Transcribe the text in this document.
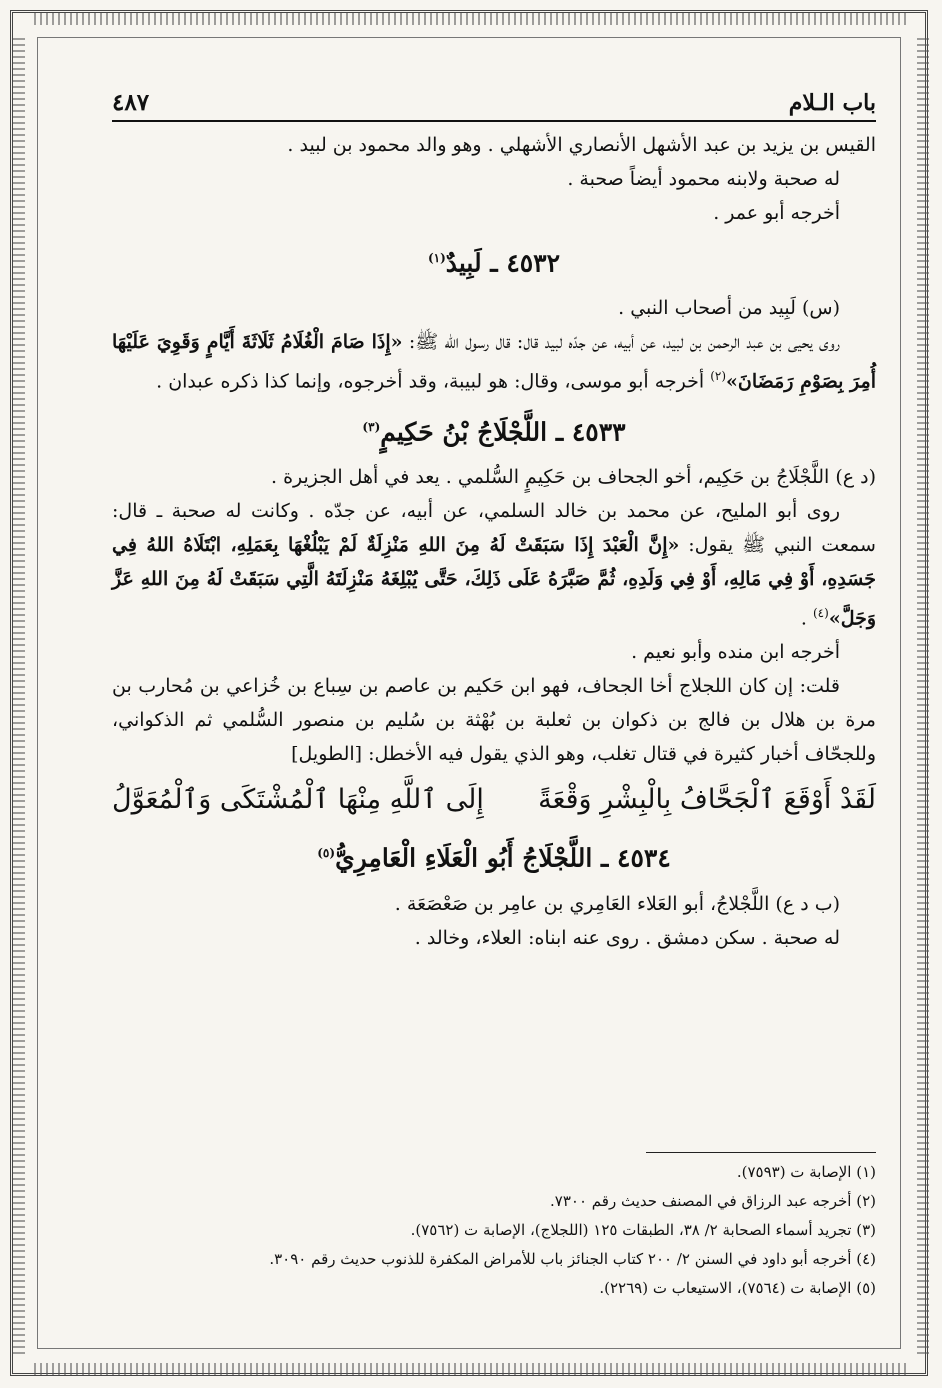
٤٨٧	باب الـلام

القيس بن يزيد بن عبد الأشهل الأنصاري الأشهلي . وهو والد محمود بن لبيد .

له صحبة ولابنه محمود أيضاً صحبة .

أخرجه أبو عمر .

٤٥٣٢ ـ لَبِيدٌ$^{(١)}$

(س) لَبِيد من أصحاب النبي .

روى يحيى بن عبد الرحمن بن لبيد، عن أبيه، عن جدّه لبيد قال: قال رسول الله ﷺ: «إِذَا صَامَ الْغُلَامُ ثَلَاثَةَ أَيَّامٍ وَقَوِيَ عَلَيْهَا أُمِرَ بِصَوْمِ رَمَضَانَ»$^{(٢)}$ أخرجه أبو موسى، وقال: هو لبيبة، وقد أخرجوه، وإنما كذا ذكره عبدان .

٤٥٣٣ ـ اللَّجْلَاجُ بْنُ حَكِيمٍ$^{(٣)}$

(د ع) اللَّجْلَاجُ بن حَكِيم، أخو الجحاف بن حَكِيمٍ السُّلمي . يعد في أهل الجزيرة .

روى أبو المليح، عن محمد بن خالد السلمي، عن أبيه، عن جدّه . وكانت له صحبة ـ قال: سمعت النبي ﷺ يقول: «إِنَّ الْعَبْدَ إِذَا سَبَقَتْ لَهُ مِنَ اللهِ مَنْزِلَةٌ لَمْ يَبْلُغْهَا بِعَمَلِهِ، ابْتَلَاهُ اللهُ فِي جَسَدِهِ، أَوْ فِي مَالِهِ، أَوْ فِي وَلَدِهِ، ثُمَّ صَبَّرَهُ عَلَى ذَلِكَ، حَتَّى يُبْلِغَهُ مَنْزِلَتَهُ الَّتِي سَبَقَتْ لَهُ مِنَ اللهِ عَزَّ وَجَلَّ»$^{(٤)}$ .

أخرجه ابن منده وأبو نعيم .

قلت: إن كان اللجلاج أخا الجحاف، فهو ابن حَكيم بن عاصم بن سِباع بن خُزاعي بن مُحارب بن مرة بن هلال بن فالج بن ذكوان بن ثعلبة بن بُهْثة بن سُليم بن منصور السُّلمي ثم الذكواني، وللجحّاف أخبار كثيرة في قتال تغلب، وهو الذي يقول فيه الأخطل: [الطويل]

لَقَدْ أَوْقَعَ ٱلْجَحَّافُ بِالْبِشْرِ وَقْعَةً
إِلَى ٱللَّهِ مِنْهَا ٱلْمُشْتَكَى وَٱلْمُعَوَّلُ
٤٥٣٤ ـ اللَّجْلَاجُ أَبُو الْعَلَاءِ الْعَامِرِيُّ$^{(٥)}$

(ب د ع) اللَّجْلاجُ، أبو العَلاء العَامِري بن عامِر بن صَعْصَعَة .

له صحبة . سكن دمشق . روى عنه ابناه: العلاء، وخالد .

(١) الإصابة ت (٧٥٩٣).

(٢) أخرجه عبد الرزاق في المصنف حديث رقم ٧٣٠٠.

(٣) تجريد أسماء الصحابة ٢/ ٣٨، الطبقات ١٢٥ (اللجلاج)، الإصابة ت (٧٥٦٢).

(٤) أخرجه أبو داود في السنن ٢/ ٢٠٠ كتاب الجنائز باب للأمراض المكفرة للذنوب حديث رقم ٣٠٩٠.

(٥) الإصابة ت (٧٥٦٤)، الاستيعاب ت (٢٢٦٩).
